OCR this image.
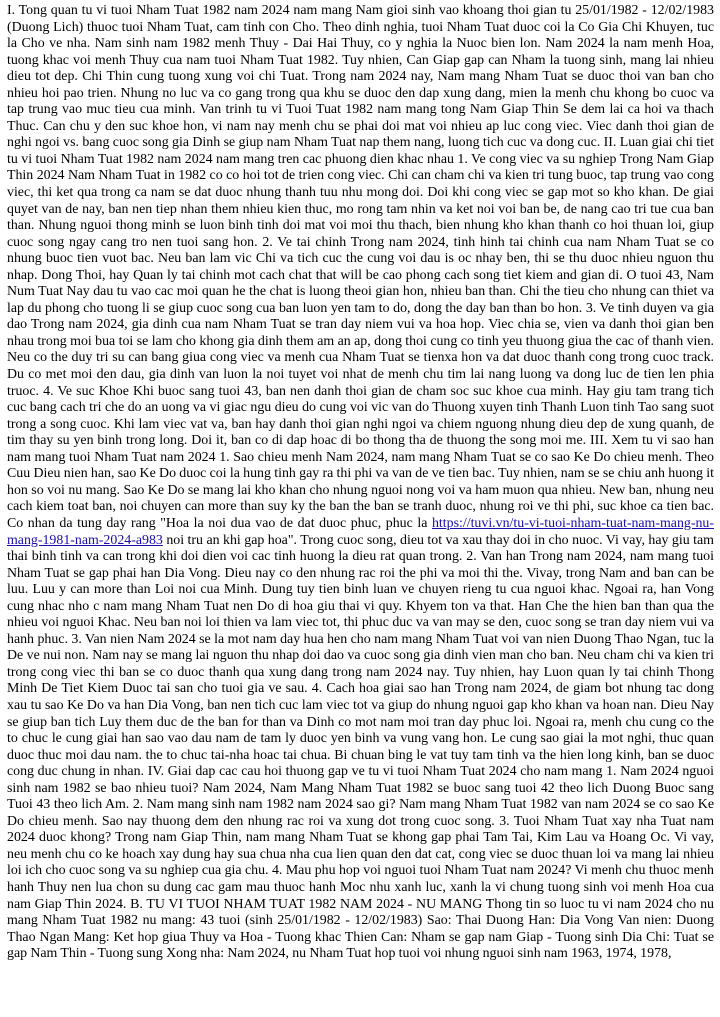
I. Tong quan tu vi tuoi Nham Tuat 1982 nam 2024 nam mang Nam gioi sinh vao khoang thoi gian tu 25/01/1982 - 12/02/1983 (Duong Lich) thuoc tuoi Nham Tuat, cam tinh con Cho. Theo dinh nghia, tuoi Nham Tuat duoc coi la Co Gia Chi Khuyen, tuc la Cho ve nha. Nam sinh nam 1982 menh Thuy - Dai Hai Thuy, co y nghia la Nuoc bien lon. Nam 2024 la nam menh Hoa, tuong khac voi menh Thuy cua nam tuoi Nham Tuat 1982. Tuy nhien, Can Giap gap can Nham la tuong sinh, mang lai nhieu dieu tot dep. Chi Thin cung tuong xung voi chi Tuat. Trong nam 2024 nay, Nam mang Nham Tuat se duoc thoi van ban cho nhieu hoi pao trien. Nhung no luc va co gang trong qua khu se duoc den dap xung dang, mien la menh chu khong bo cuoc va tap trung vao muc tieu cua minh. Van trinh tu vi Tuoi Tuat 1982 nam mang tong Nam Giap Thin Se dem lai ca hoi va thach Thuc. Can chu y den suc khoe hon, vi nam nay menh chu se phai doi mat voi nhieu ap luc cong viec. Viec danh thoi gian de nghi ngoi vs. bang cuoc song gia Dinh se giup nam Nham Tuat nap them nang, luong tich cuc va dong cuc. II. Luan giai chi tiet tu vi tuoi Nham Tuat 1982 nam 2024 nam mang tren cac phuong dien khac nhau 1. Ve cong viec va su nghiep Trong Nam Giap Thin 2024 Nam Nham Tuat in 1982 co co hoi tot de trien cong viec. Chi can cham chi va kien tri tung buoc, tap trung vao cong viec, thi ket qua trong ca nam se dat duoc nhung thanh tuu nhu mong doi. Doi khi cong viec se gap mot so kho khan. De giai quyet van de nay, ban nen tiep nhan them nhieu kien thuc, mo rong tam nhin va ket noi voi ban be, de nang cao tri tue cua ban than. Nhung nguoi thong minh se luon binh tinh doi mat voi moi thu thach, bien nhung kho khan thanh co hoi thuan loi, giup cuoc song ngay cang tro nen tuoi sang hon. 2. Ve tai chinh Trong nam 2024, tinh hinh tai chinh cua nam Nham Tuat se co nhung buoc tien vuot bac. Neu ban lam vic Chi va tich cuc the cung voi dau is oc nhay ben, thi se thu duoc nhieu nguon thu nhap. Dong Thoi, hay Quan ly tai chinh mot cach chat that will be cao phong cach song tiet kiem and gian di. O tuoi 43, Nam Num Tuat Nay dau tu vao cac moi quan he the chat is luong theoi gian hon, nhieu ban than. Chi the tieu cho nhung can thiet va lap du phong cho tuong li se giup cuoc song cua ban luon yen tam to do, dong the day ban than bo hon. 3. Ve tinh duyen va gia dao Trong nam 2024, gia dinh cua nam Nham Tuat se tran day niem vui va hoa hop. Viec chia se, vien va danh thoi gian ben nhau trong moi bua toi se lam cho khong gia dinh them am an ap, dong thoi cung co tinh yeu thuong giua the cac of thanh vien. Neu co the duy tri su can bang giua cong viec va menh cua Nham Tuat se tienxa hon va dat duoc thanh cong trong cuoc track. Du co met moi den dau, gia dinh van luon la noi tuyet voi nhat de menh chu tim lai nang luong va dong luc de tien len phia truoc. 4. Ve suc Khoe Khi buoc sang tuoi 43, ban nen danh thoi gian de cham soc suc khoe cua minh. Hay giu tam trang tich cuc bang cach tri che do an uong va vi giac ngu dieu do cung voi vic van do Thuong xuyen tinh Thanh Luon tinh Tao sang suot trong a song cuoc. Khi lam viec vat va, ban hay danh thoi gian nghi ngoi va chiem nguong nhung dieu dep de xung quanh, de tim thay su yen binh trong long. Doi it, ban co di dap hoac di bo thong tha de thuong the song moi me. III. Xem tu vi sao han nam mang tuoi Nham Tuat nam 2024 1. Sao chieu menh Nam 2024, nam mang Nham Tuat se co sao Ke Do chieu menh. Theo Cuu Dieu nien han, sao Ke Do duoc coi la hung tinh gay ra thi phi va van de ve tien bac. Tuy nhien, nam se se chiu anh huong it hon so voi nu mang. Sao Ke Do se mang lai kho khan cho nhung nguoi nong voi va ham muon qua nhieu. New ban, nhung neu cach kiem toat ban, noi chuyen can more than suy ky the ban the ban se tranh duoc, nhung roi ve thi phi, suc khoe ca tien bac. Co nhan da tung day rang "Hoa la noi dua vao de dat duoc phuc, phuc la https://tuvi.vn/tu-vi-tuoi-nham-tuat-nam-mang-nu-mang-1981-nam-2024-a983 noi tru an khi gap hoa". Trong cuoc song, dieu tot va xau thay doi in cho nuoc. Vi vay, hay giu tam thai binh tinh va can trong khi doi dien voi cac tinh huong la dieu rat quan trong. 2. Van han Trong nam 2024, nam mang tuoi Nham Tuat se gap phai han Dia Vong. Dieu nay co den nhung rac roi the phi va moi thi the. Vivay, trong Nam and ban can be luu. Luu y can more than Loi noi cua Minh. Dung tuy tien binh luan ve chuyen rieng tu cua nguoi khac. Ngoai ra, han Vong cung nhac nho c nam mang Nham Tuat nen Do di hoa giu thai vi quy. Khyem ton va that. Han Che the hien ban than qua the nhieu voi nguoi Khac. Neu ban noi loi thien va lam viec tot, thi phuc duc va van may se den, cuoc song se tran day niem vui va hanh phuc. 3. Van nien Nam 2024 se la mot nam day hua hen cho nam mang Nham Tuat voi van nien Duong Thao Ngan, tuc la De ve nui non. Nam nay se mang lai nguon thu nhap doi dao va cuoc song gia dinh vien man cho ban. Neu cham chi va kien tri trong cong viec thi ban se co duoc thanh qua xung dang trong nam 2024 nay. Tuy nhien, hay Luon quan ly tai chinh Thong Minh De Tiet Kiem Duoc tai san cho tuoi gia ve sau. 4. Cach hoa giai sao han Trong nam 2024, de giam bot nhung tac dong xau tu sao Ke Do va han Dia Vong, ban nen tich cuc lam viec tot va giup do nhung nguoi gap kho khan va hoan nan. Dieu Nay se giup ban tich Luy them duc de the ban for than va Dinh co mot nam moi tran day phuc loi. Ngoai ra, menh chu cung co the to chuc le cung giai han sao vao dau nam de tam ly duoc yen binh va vung vang hon. Le cung sao giai la mot nghi, thuc quan duoc thuc moi dau nam. the to chuc tai-nha hoac tai chua. Bi chuan bing le vat tuy tam tinh va the hien long kinh, ban se duoc cong duc chung in nhan. IV. Giai dap cac cau hoi thuong gap ve tu vi tuoi Nham Tuat 2024 cho nam mang 1. Nam 2024 nguoi sinh nam 1982 se bao nhieu tuoi? Nam 2024, Nam Mang Nham Tuat 1982 se buoc sang tuoi 42 theo lich Duong Buoc sang Tuoi 43 theo lich Am. 2. Nam mang sinh nam 1982 nam 2024 sao gi? Nam mang Nham Tuat 1982 van nam 2024 se co sao Ke Do chieu menh. Sao nay thuong dem den nhung rac roi va xung dot trong cuoc song. 3. Tuoi Nham Tuat xay nha Tuat nam 2024 duoc khong? Trong nam Giap Thin, nam mang Nham Tuat se khong gap phai Tam Tai, Kim Lau va Hoang Oc. Vi vay, neu menh chu co ke hoach xay dung hay sua chua nha cua lien quan den dat cat, cong viec se duoc thuan loi va mang lai nhieu loi ich cho cuoc song va su nghiep cua gia chu. 4. Mau phu hop voi nguoi tuoi Nham Tuat nam 2024? Vi menh chu thuoc menh hanh Thuy nen lua chon su dung cac gam mau thuoc hanh Moc nhu xanh luc, xanh la vi chung tuong sinh voi menh Hoa cua nam Giap Thin 2024. B. TU VI TUOI NHAM TUAT 1982 NAM 2024 - NU MANG Thong tin so luoc tu vi nam 2024 cho nu mang Nham Tuat 1982 nu mang: 43 tuoi (sinh 25/01/1982 - 12/02/1983) Sao: Thai Duong Han: Dia Vong Van nien: Duong Thao Ngan Mang: Ket hop giua Thuy va Hoa - Tuong khac Thien Can: Nham se gap nam Giap - Tuong sinh Dia Chi: Tuat se gap Nam Thin - Tuong sung Xong nha: Nam 2024, nu Nham Tuat hop tuoi voi nhung nguoi sinh nam 1963, 1974, 1978,
